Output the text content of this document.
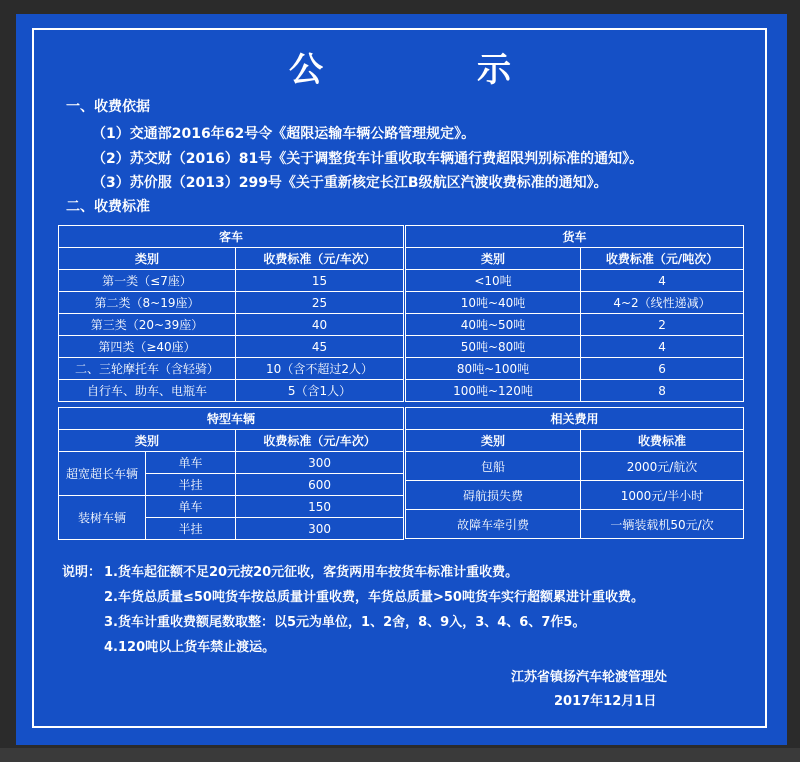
公　示
一、收费依据
（1）交通部2016年62号令《超限运输车辆公路管理规定》。
（2）苏交财（2016）81号《关于调整货车计重收取车辆通行费超限判别标准的通知》。
（3）苏价服（2013）299号《关于重新核定长江B级航区汽渡收费标准的通知》。
二、收费标准
客车	
类别	收费标准（元/车次）
第一类（≤7座）	15
第二类（8~19座）	25
第三类（20~39座）	40
第四类（≥40座）	45
二、三轮摩托车（含轻骑）	10（含不超过2人）
自行车、助车、电瓶车	5（含1人）
货车	
类别	收费标准（元/吨次）
<10吨	4
10吨~40吨	4~2（线性递减）
40吨~50吨	2
50吨~80吨	4
80吨~100吨	6
100吨~120吨	8
特型车辆		
类别		收费标准（元/车次）
超宽超长车辆	单车	300
	半挂	600
装树车辆	单车	150
	半挂	300
相关费用	
类别	收费标准
包船	2000元/航次
碍航损失费	1000元/半小时
故障车牵引费	一辆装载机50元/次
说明： 1.货车起征额不足20元按20元征收，客货两用车按货车标准计重收费。
2.车货总质量≤50吨货车按总质量计重收费，车货总质量>50吨货车实行超额累进计重收费。
3.货车计重收费额尾数取整：以5元为单位，1、2舍，8、9入，3、4、6、7作5。
4.120吨以上货车禁止渡运。
江苏省镇扬汽车轮渡管理处
2017年12月1日
